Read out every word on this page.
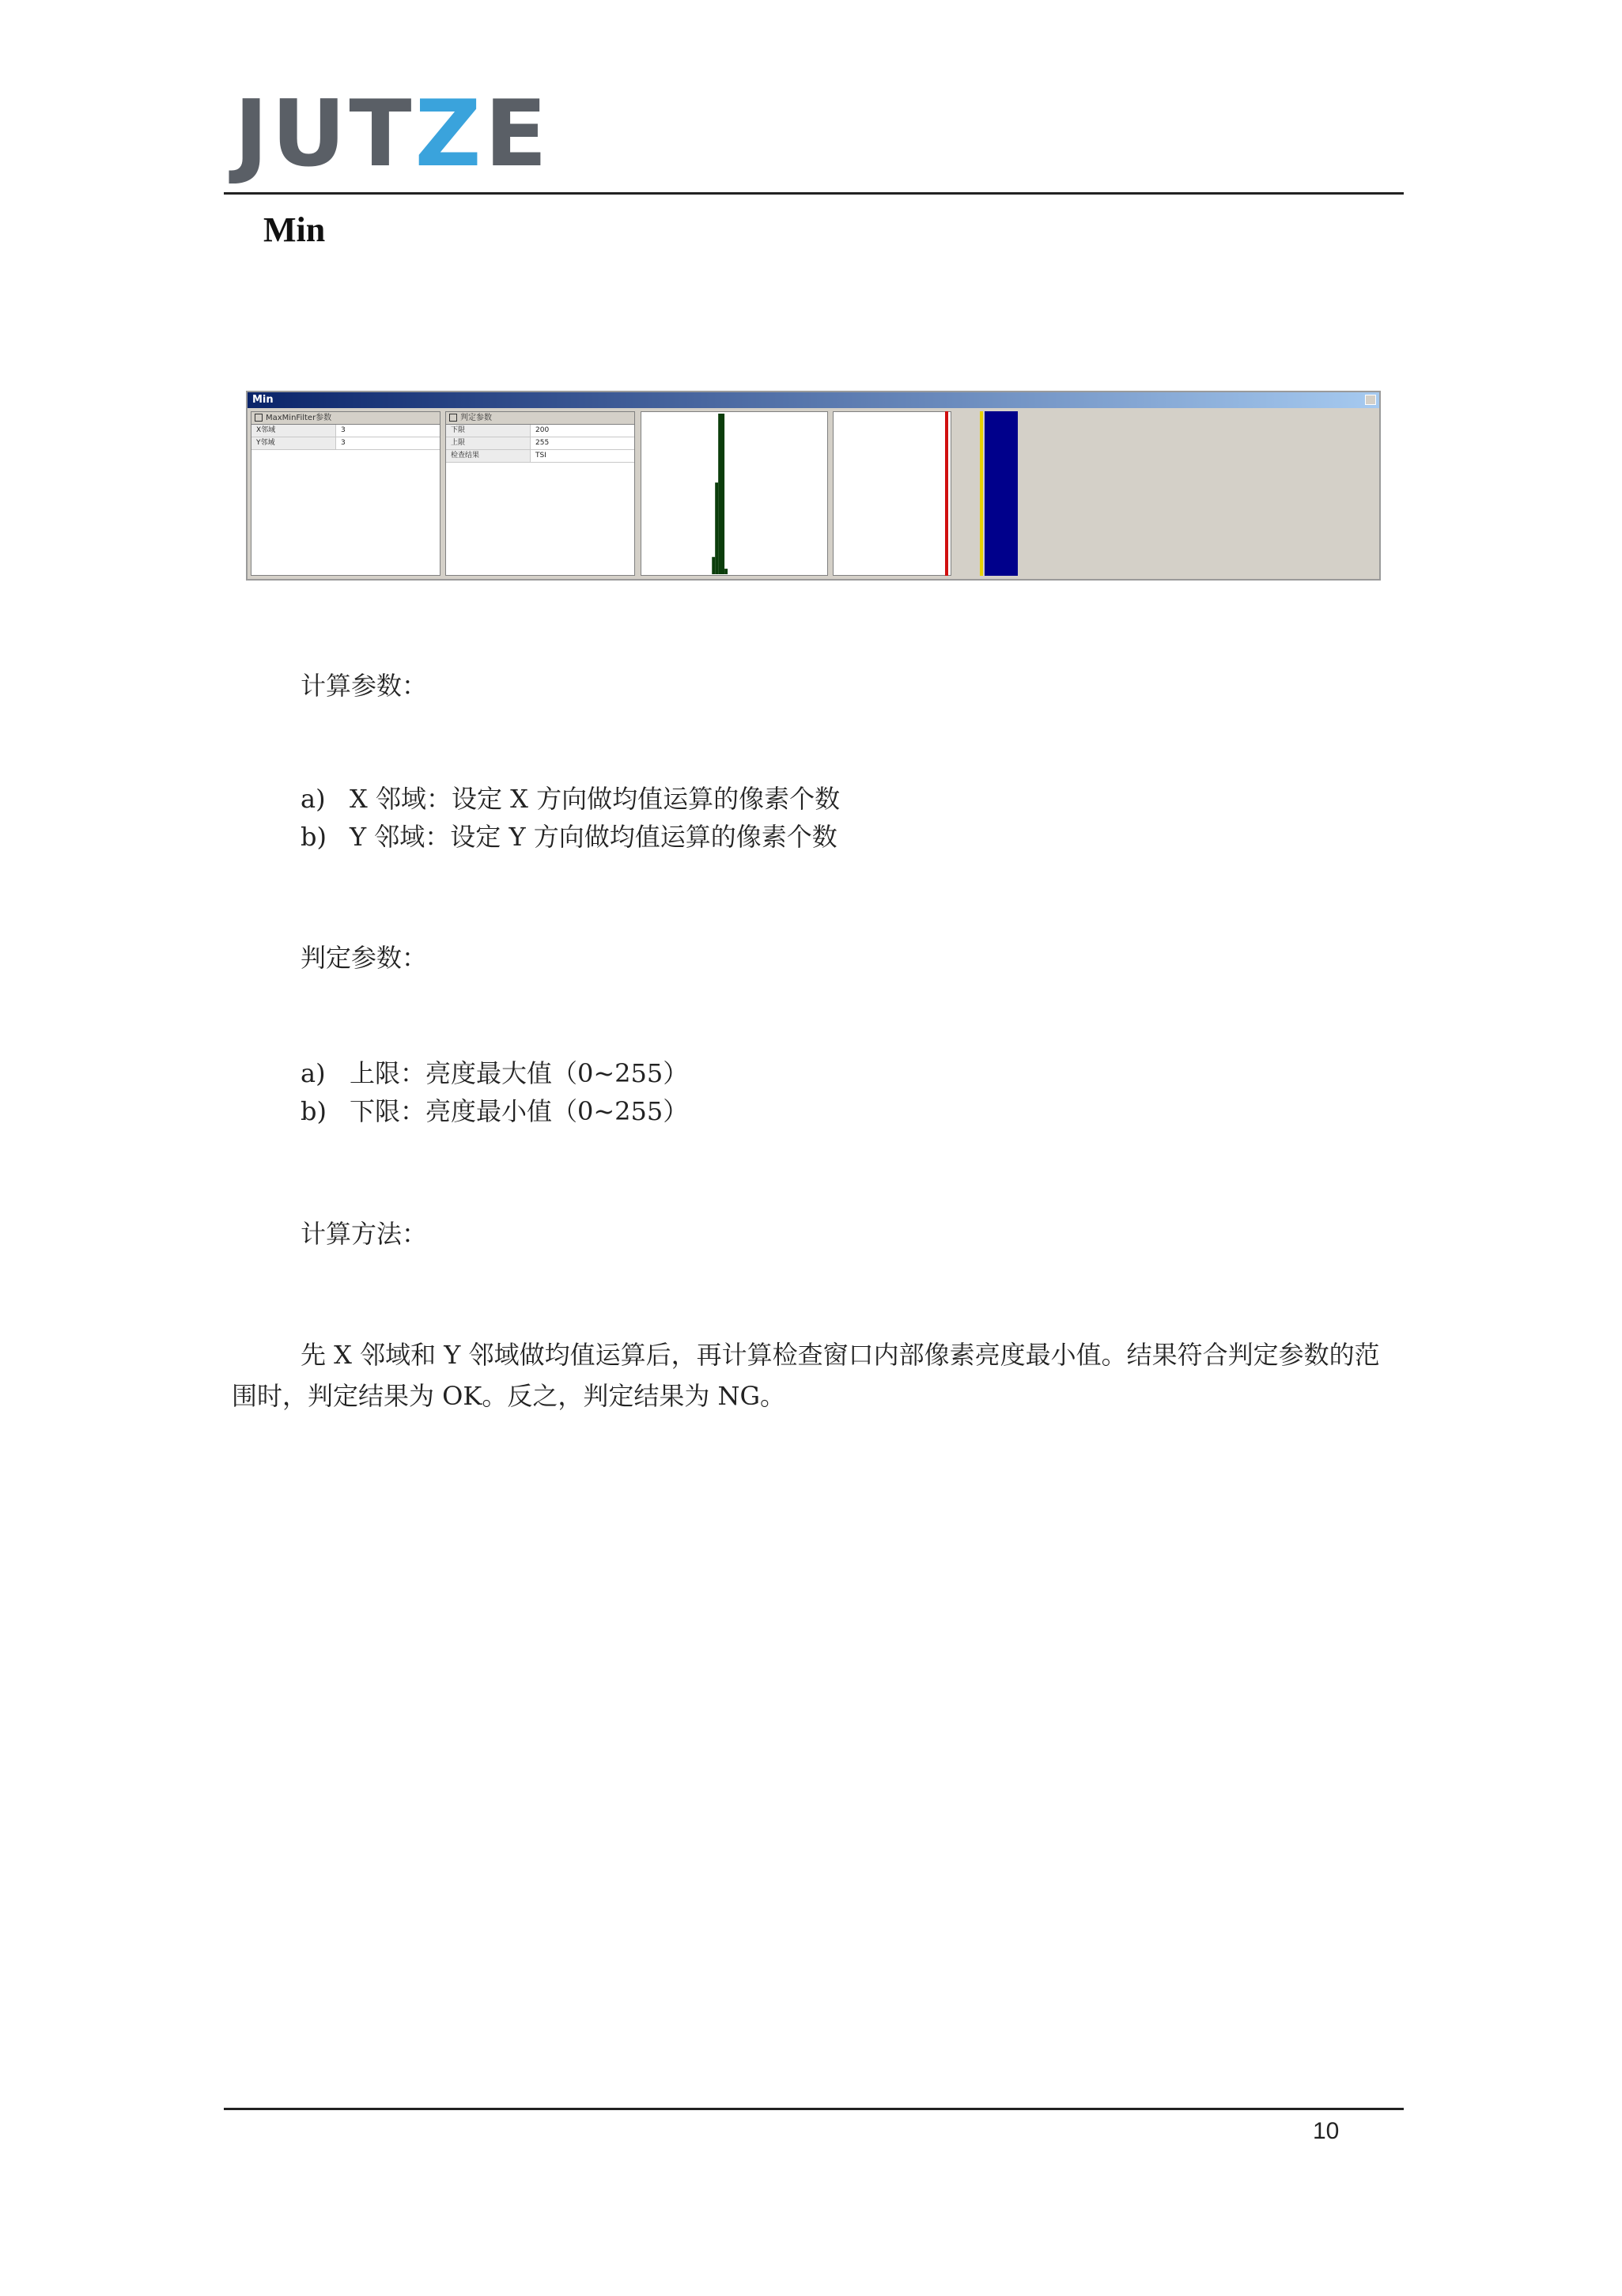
JUTZE
Min
Min
MaxMinFilter参数
X邻域	3
Y邻域	3
判定参数
下限	200
上限	255
检查结果	TSI
计算参数：
a) X 邻域：设定 X 方向做均值运算的像素个数
b) Y 邻域：设定 Y 方向做均值运算的像素个数
判定参数：
a) 上限：亮度最大值（0~255）
b) 下限：亮度最小值（0~255）
计算方法：
先 X 邻域和 Y 邻域做均值运算后，再计算检查窗口内部像素亮度最小值。结果符合判定参数的范围时，判定结果为 OK。反之，判定结果为 NG。
10
